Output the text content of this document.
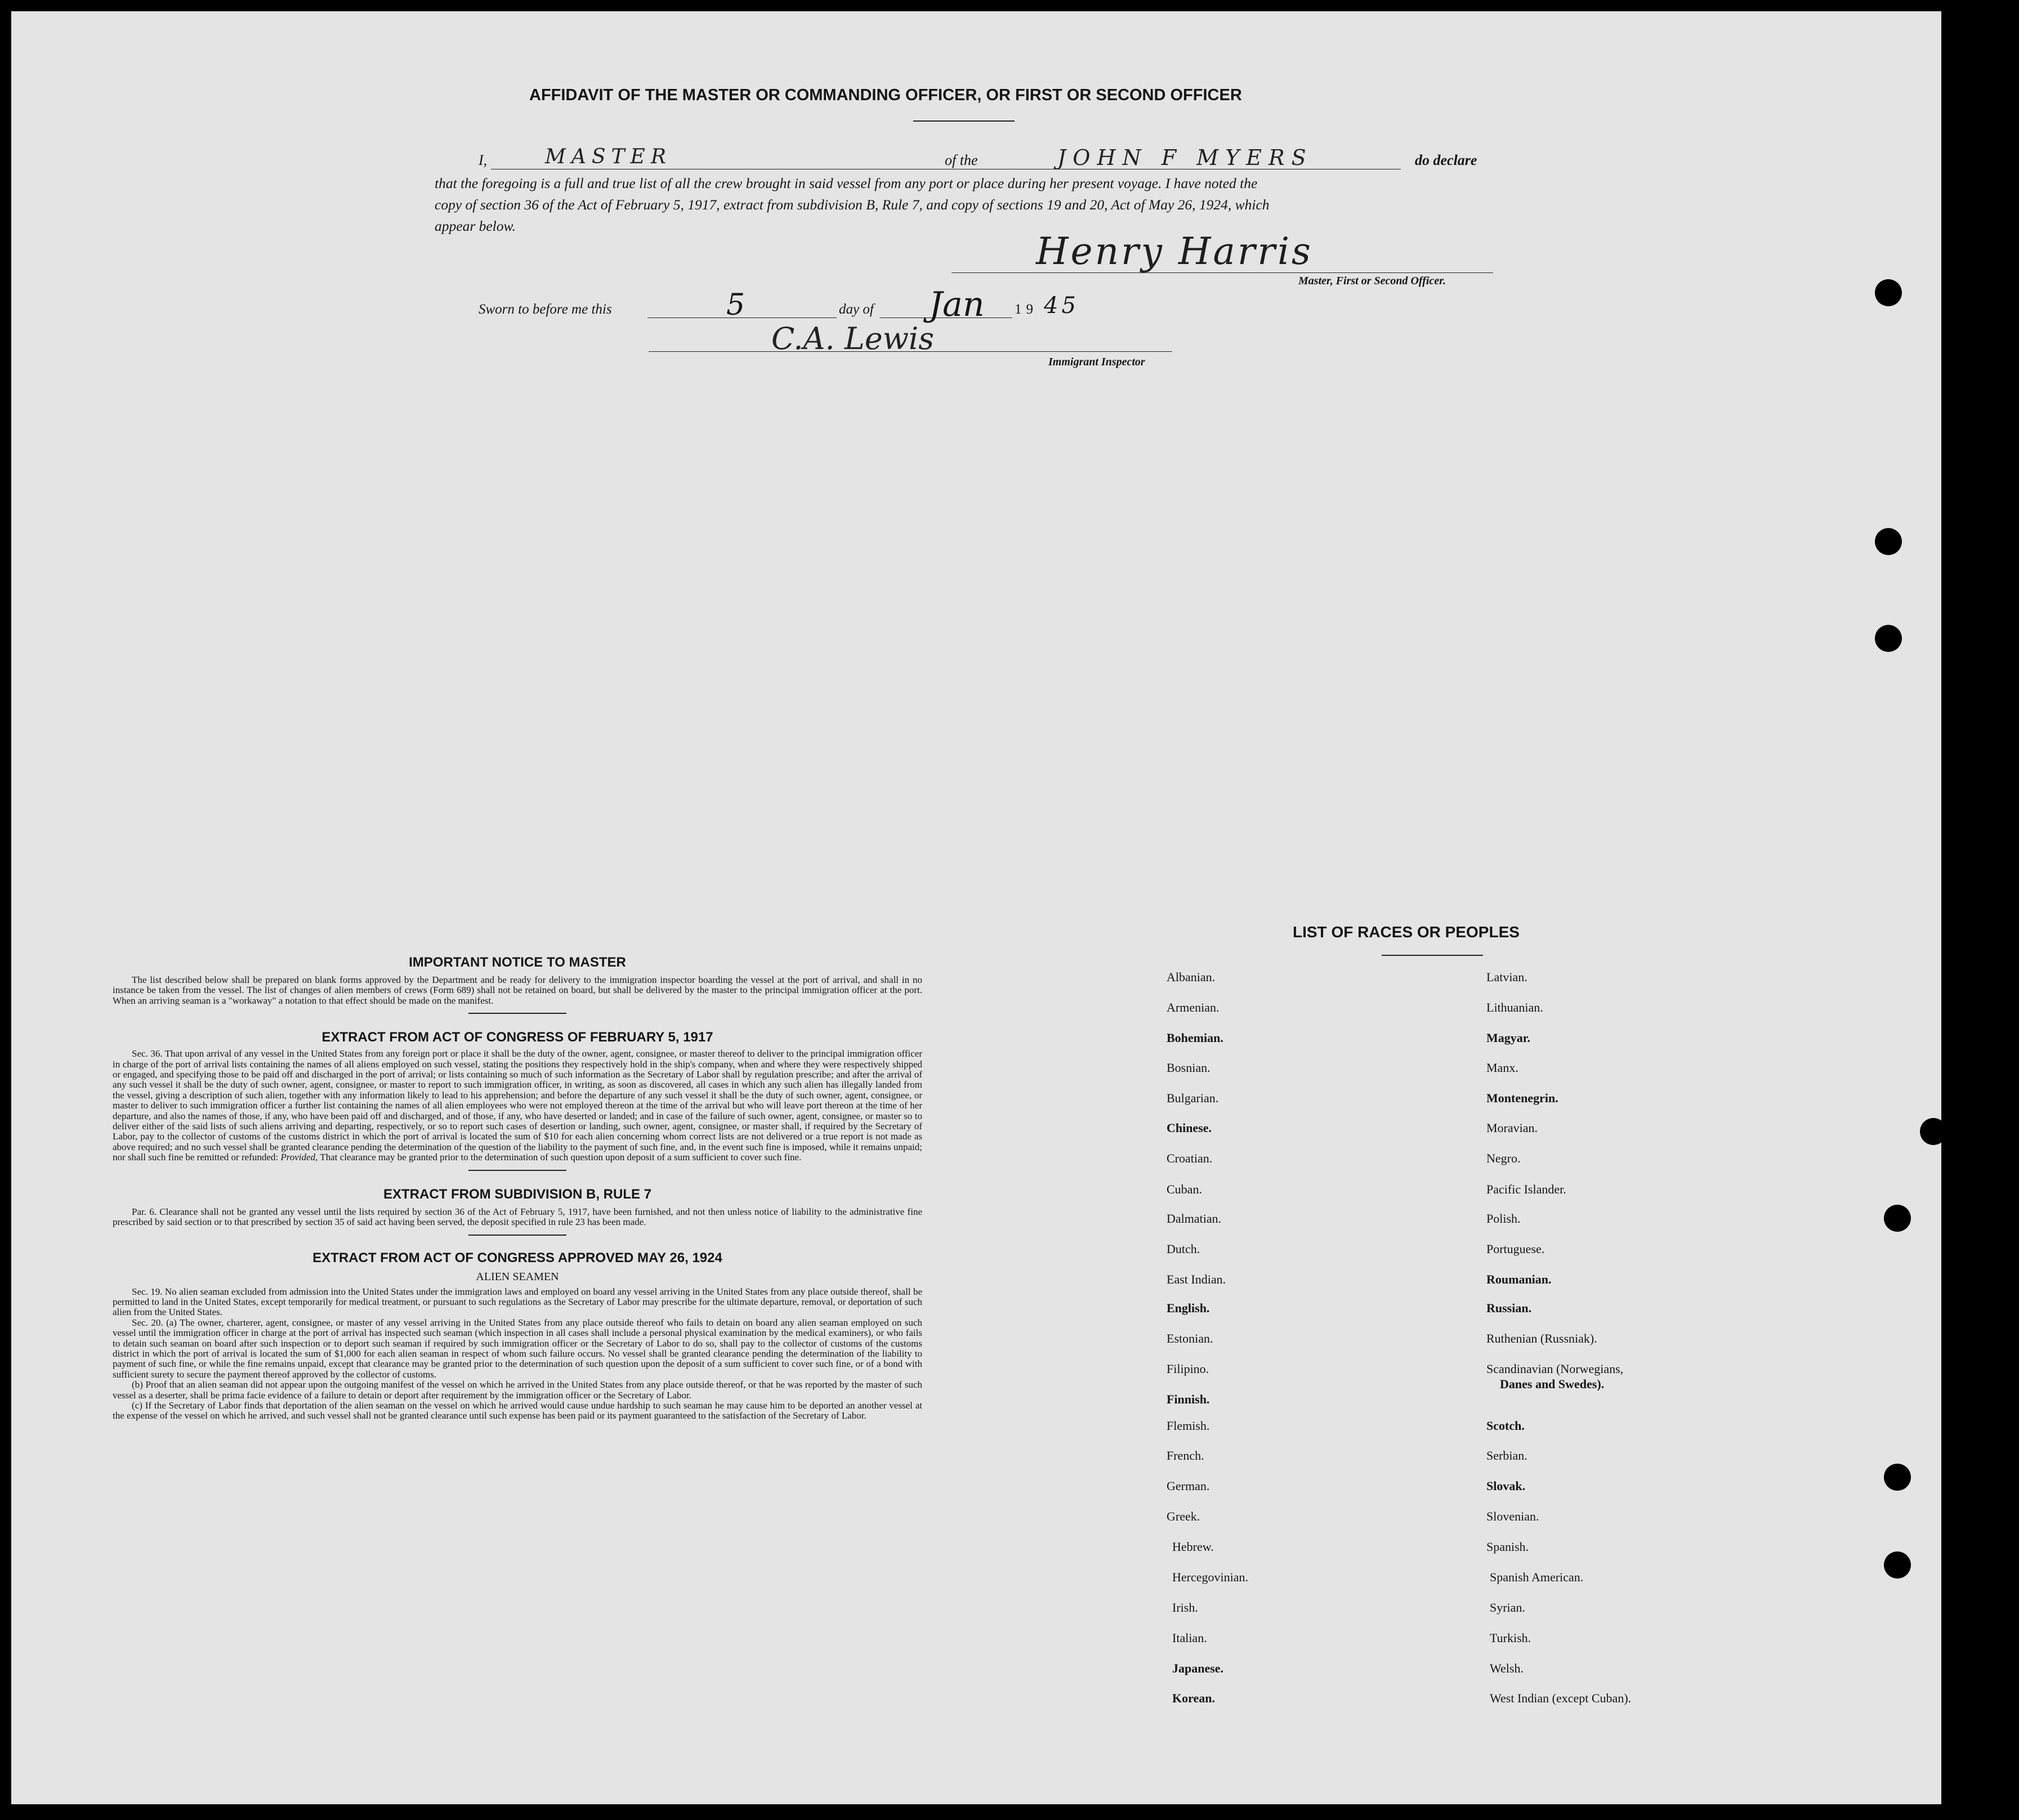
AFFIDAVIT OF THE MASTER OR COMMANDING OFFICER, OR FIRST OR SECOND OFFICER
I,	MASTER	of the	JOHN F MYERS	do declare
that the foregoing is a full and true list of all the crew brought in said vessel from any port or place during her present voyage. I have noted the
copy of section 36 of the Act of February 5, 1917, extract from subdivision B, Rule 7, and copy of sections 19 and 20, Act of May 26, 1924, which
appear below.
Henry Harris
Master, First or Second Officer.
Sworn to before me this	5	day of Jan 19 45
C.A. Lewis
Immigrant Inspector
IMPORTANT NOTICE TO MASTER

The list described below shall be prepared on blank forms approved by the Department and be ready for delivery to the immigration inspector boarding the vessel at the port of arrival, and shall in no instance be taken from the vessel. The list of changes of alien members of crews (Form 689) shall not be retained on board, but shall be delivered by the master to the principal immigration officer at the port. When an arriving seaman is a "workaway" a notation to that effect should be made on the manifest.

EXTRACT FROM ACT OF CONGRESS OF FEBRUARY 5, 1917

Sec. 36. That upon arrival of any vessel in the United States from any foreign port or place it shall be the duty of the owner, agent, consignee, or master thereof to deliver to the principal immigration officer in charge of the port of arrival lists containing the names of all aliens employed on such vessel, stating the positions they respectively hold in the ship's company, when and where they were respectively shipped or engaged, and specifying those to be paid off and discharged in the port of arrival; or lists containing so much of such information as the Secretary of Labor shall by regulation prescribe; and after the arrival of any such vessel it shall be the duty of such owner, agent, consignee, or master to report to such immigration officer, in writing, as soon as discovered, all cases in which any such alien has illegally landed from the vessel, giving a description of such alien, together with any information likely to lead to his apprehension; and before the departure of any such vessel it shall be the duty of such owner, agent, consignee, or master to deliver to such immigration officer a further list containing the names of all alien employees who were not employed thereon at the time of the arrival but who will leave port thereon at the time of her departure, and also the names of those, if any, who have been paid off and discharged, and of those, if any, who have deserted or landed; and in case of the failure of such owner, agent, consignee, or master so to deliver either of the said lists of such aliens arriving and departing, respectively, or so to report such cases of desertion or landing, such owner, agent, consignee, or master shall, if required by the Secretary of Labor, pay to the collector of customs of the customs district in which the port of arrival is located the sum of $10 for each alien concerning whom correct lists are not delivered or a true report is not made as above required; and no such vessel shall be granted clearance pending the determination of the question of the liability to the payment of such fine, and, in the event such fine is imposed, while it remains unpaid; nor shall such fine be remitted or refunded: Provided, That clearance may be granted prior to the determination of such question upon deposit of a sum sufficient to cover such fine.

EXTRACT FROM SUBDIVISION B, RULE 7

Par. 6. Clearance shall not be granted any vessel until the lists required by section 36 of the Act of February 5, 1917, have been furnished, and not then unless notice of liability to the administrative fine prescribed by said section or to that prescribed by section 35 of said act having been served, the deposit specified in rule 23 has been made.

EXTRACT FROM ACT OF CONGRESS APPROVED MAY 26, 1924
ALIEN SEAMEN

Sec. 19. No alien seaman excluded from admission into the United States under the immigration laws and employed on board any vessel arriving in the United States from any place outside thereof, shall be permitted to land in the United States, except temporarily for medical treatment, or pursuant to such regulations as the Secretary of Labor may prescribe for the ultimate departure, removal, or deportation of such alien from the United States.

Sec. 20. (a) The owner, charterer, agent, consignee, or master of any vessel arriving in the United States from any place outside thereof who fails to detain on board any alien seaman employed on such vessel until the immigration officer in charge at the port of arrival has inspected such seaman (which inspection in all cases shall include a personal physical examination by the medical examiners), or who fails to detain such seaman on board after such inspection or to deport such seaman if required by such immigration officer or the Secretary of Labor to do so, shall pay to the collector of customs of the customs district in which the port of arrival is located the sum of $1,000 for each alien seaman in respect of whom such failure occurs. No vessel shall be granted clearance pending the determination of the liability to payment of such fine, or while the fine remains unpaid, except that clearance may be granted prior to the determination of such question upon the deposit of a sum sufficient to cover such fine, or of a bond with sufficient surety to secure the payment thereof approved by the collector of customs.

(b) Proof that an alien seaman did not appear upon the outgoing manifest of the vessel on which he arrived in the United States from any place outside thereof, or that he was reported by the master of such vessel as a deserter, shall be prima facie evidence of a failure to detain or deport after requirement by the immigration officer or the Secretary of Labor.

(c) If the Secretary of Labor finds that deportation of the alien seaman on the vessel on which he arrived would cause undue hardship to such seaman he may cause him to be deported an another vessel at the expense of the vessel on which he arrived, and such vessel shall not be granted clearance until such expense has been paid or its payment guaranteed to the satisfaction of the Secretary of Labor.

LIST OF RACES OR PEOPLES
Albanian.
Armenian.
Bohemian.
Bosnian.
Bulgarian.
Chinese.
Croatian.
Cuban.
Dalmatian.
Dutch.
East Indian.
English.
Estonian.
Filipino.
Finnish.
Flemish.
French.
German.
Greek.
Hebrew.
Hercegovinian.
Irish.
Italian.
Japanese.
Korean.
Latvian.
Lithuanian.
Magyar.
Manx.
Montenegrin.
Moravian.
Negro.
Pacific Islander.
Polish.
Portuguese.
Roumanian.
Russian.
Ruthenian (Russniak).
Scandinavian (Norwegians,
Danes and Swedes).
Scotch.
Serbian.
Slovak.
Slovenian.
Spanish.
Spanish American.
Syrian.
Turkish.
Welsh.
West Indian (except Cuban).
